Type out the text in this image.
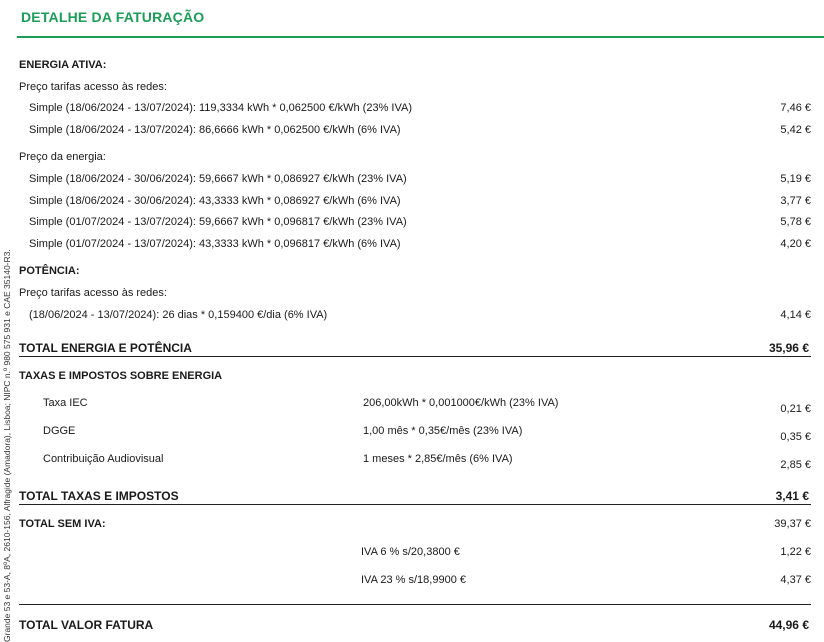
DETALHE DA FATURAÇÃO
ENERGIA ATIVA:
Preço tarifas acesso às redes:
Simple (18/06/2024 - 13/07/2024): 119,3334 kWh * 0,062500 €/kWh (23% IVA)	7,46 €
Simple (18/06/2024 - 13/07/2024): 86,6666 kWh * 0,062500 €/kWh (6% IVA)	5,42 €
Preço da energia:
Simple (18/06/2024 - 30/06/2024): 59,6667 kWh * 0,086927 €/kWh (23% IVA)	5,19 €
Simple (18/06/2024 - 30/06/2024): 43,3333 kWh * 0,086927 €/kWh (6% IVA)	3,77 €
Simple (01/07/2024 - 13/07/2024): 59,6667 kWh * 0,096817 €/kWh (23% IVA)	5,78 €
Simple (01/07/2024 - 13/07/2024): 43,3333 kWh * 0,096817 €/kWh (6% IVA)	4,20 €
POTÊNCIA:
Preço tarifas acesso às redes:
(18/06/2024 - 13/07/2024): 26 dias * 0,159400 €/dia (6% IVA)	4,14 €
TOTAL ENERGIA E POTÊNCIA	35,96 €
TAXAS E IMPOSTOS SOBRE ENERGIA
Taxa IEC	206,00kWh * 0,001000€/kWh (23% IVA)	0,21 €
DGGE	1,00 mês * 0,35€/mês (23% IVA)	0,35 €
Contribuição Audiovisual	1 meses * 2,85€/mês (6% IVA)	2,85 €
TOTAL TAXAS E IMPOSTOS	3,41 €
TOTAL SEM IVA:	39,37 €
IVA 6 % s/20,3800 €	1,22 €
IVA 23 % s/18,9900 €	4,37 €
TOTAL VALOR FATURA	44,96 €
Grande 53 e 53-A, 8ºA, 2610-156, Alfragide (Amadora), Lisboa; NIPC n.º 980 575 931 e CAE 35140-R3.
